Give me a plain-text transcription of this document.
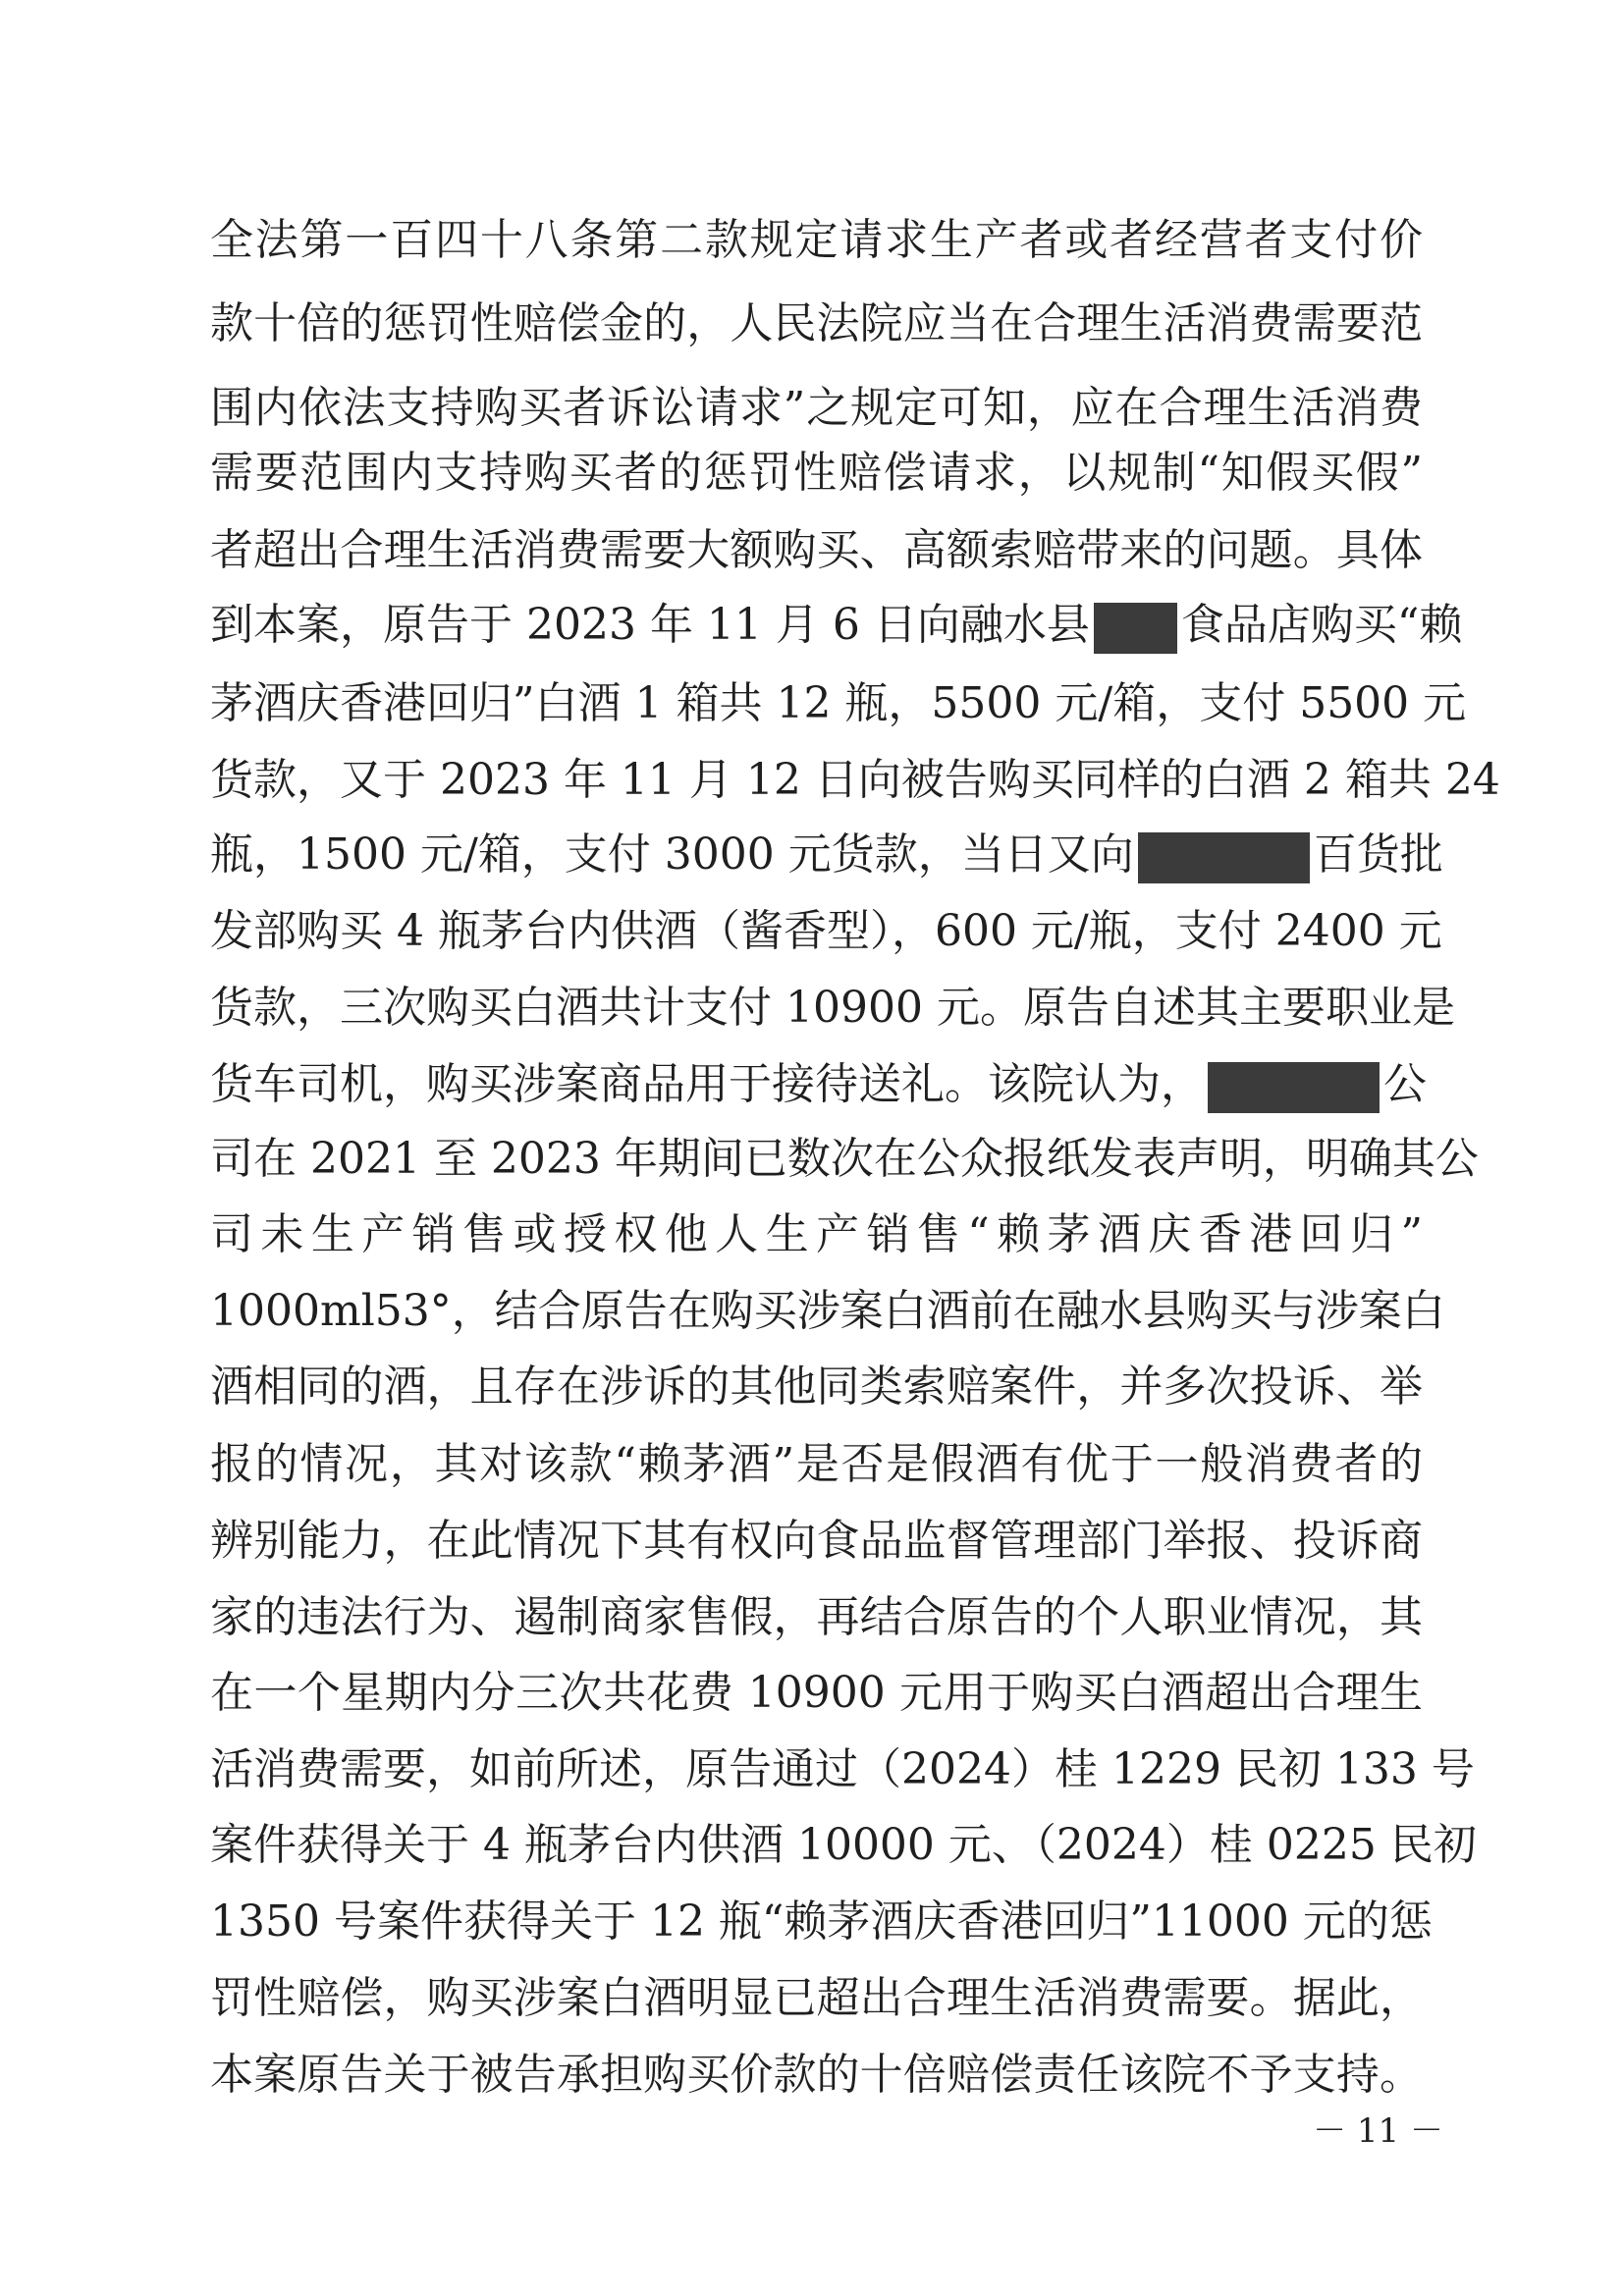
全法第一百四十八条第二款规定请求生产者或者经营者支付价
款十倍的惩罚性赔偿金的，人民法院应当在合理生活消费需要范
围内依法支持购买者诉讼请求”之规定可知，应在合理生活消费
需要范围内支持购买者的惩罚性赔偿请求，以规制“知假买假”
者超出合理生活消费需要大额购买、高额索赔带来的问题。具体
到本案，原告于 2023 年 11 月 6 日向融水县 食品店购买“赖
茅酒庆香港回归”白酒 1 箱共 12 瓶，5500 元/箱，支付 5500 元
货款，又于 2023 年 11 月 12 日向被告购买同样的白酒 2 箱共 24
瓶，1500 元/箱，支付 3000 元货款，当日又向	百货批
发部购买 4 瓶茅台内供酒（酱香型），600 元/瓶，支付 2400 元
货款，三次购买白酒共计支付 10900 元。原告自述其主要职业是
货车司机，购买涉案商品用于接待送礼。该院认为，	公
司在 2021 至 2023 年期间已数次在公众报纸发表声明，明确其公
司未生产销售或授权他人生产销售“赖茅酒庆香港回归”
1000ml53°，结合原告在购买涉案白酒前在融水县购买与涉案白
酒相同的酒，且存在涉诉的其他同类索赔案件，并多次投诉、举
报的情况，其对该款“赖茅酒”是否是假酒有优于一般消费者的
辨别能力，在此情况下其有权向食品监督管理部门举报、投诉商
家的违法行为、遏制商家售假，再结合原告的个人职业情况，其
在一个星期内分三次共花费 10900 元用于购买白酒超出合理生
活消费需要，如前所述，原告通过（2024）桂 1229 民初 133 号
案件获得关于 4 瓶茅台内供酒 10000 元、（2024）桂 0225 民初
1350 号案件获得关于 12 瓶“赖茅酒庆香港回归”11000 元的惩
罚性赔偿，购买涉案白酒明显已超出合理生活消费需要。据此，
本案原告关于被告承担购买价款的十倍赔偿责任该院不予支持。
－ 11 －
